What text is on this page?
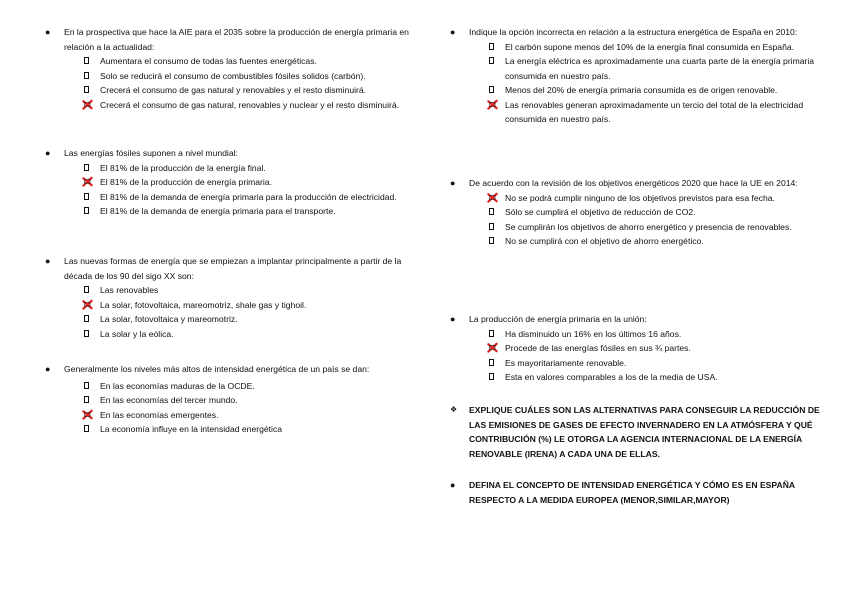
● En la prospectiva que hace la AIE para el 2035 sobre la producción de energía primaria en relación a la actualidad:
Aumentara el consumo de todas las fuentes energéticas.
Solo se reducirá el consumo de combustibles fósiles solidos (carbón).
Crecerá el consumo de gas natural y renovables y el resto disminuirá.
Crecerá el consumo de gas natural, renovables y nuclear y el resto disminuirá.
● Las energías fósiles suponen a nivel mundial:
El 81% de la producción de la energía final.
El 81% de la producción de energía primaria.
El 81% de la demanda de energía primaria para la producción de electricidad.
El 81% de la demanda de energía primaria para el transporte.
● Las nuevas formas de energía que se empiezan a implantar principalmente a partir de la década de los 90 del sigo XX son:
Las renovables
La solar, fotovoltaica, mareomotriz, shale gas y tighoil.
La solar, fotovoltaica y mareomotriz.
La solar y la eólica.
● Generalmente los niveles más altos de intensidad energética de un país se dan:
En las economías maduras de la OCDE.
En las economías del tercer mundo.
En las economías emergentes.
La economía influye en la intensidad energética
● Indique la opción incorrecta en relación a la estructura energética de España en 2010:
El carbón supone menos del 10% de la energía final consumida en España.
La energía eléctrica es aproximadamente una cuarta parte de la energía primaria consumida en nuestro país.
Menos del 20% de energía primaria consumida es de origen renovable.
Las renovables generan aproximadamente un tercio del total de la electricidad consumida en nuestro país.
● De acuerdo con la revisión de los objetivos energéticos 2020 que hace la UE en 2014:
No se podrá cumplir ninguno de los objetivos previstos para esa fecha.
Sólo se cumplirá el objetivo de reducción de CO2.
Se cumplirán los objetivos de ahorro energético y presencia de renovables.
No se cumplirá con el objetivo de ahorro energético.
● La producción de energía primaria en la unión:
Ha disminuido un 16% en los últimos 16 años.
Procede de las energías fósiles en sus ¾ partes.
Es mayoritariamente renovable.
Esta en valores comparables a los de la media de USA.
❖ EXPLIQUE CUÁLES SON LAS ALTERNATIVAS PARA CONSEGUIR LA REDUCCIÓN DE LAS EMISIONES DE GASES DE EFECTO INVERNADERO EN LA ATMÓSFERA Y QUÉ CONTRIBUCIÓN (%) LE OTORGA LA AGENCIA INTERNACIONAL DE LA ENERGÍA RENOVABLE (IRENA) A CADA UNA DE ELLAS.
● DEFINA EL CONCEPTO DE INTENSIDAD ENERGÉTICA Y CÓMO ES EN ESPAÑA RESPECTO A LA MEDIDA EUROPEA (MENOR,SIMILAR,MAYOR)
